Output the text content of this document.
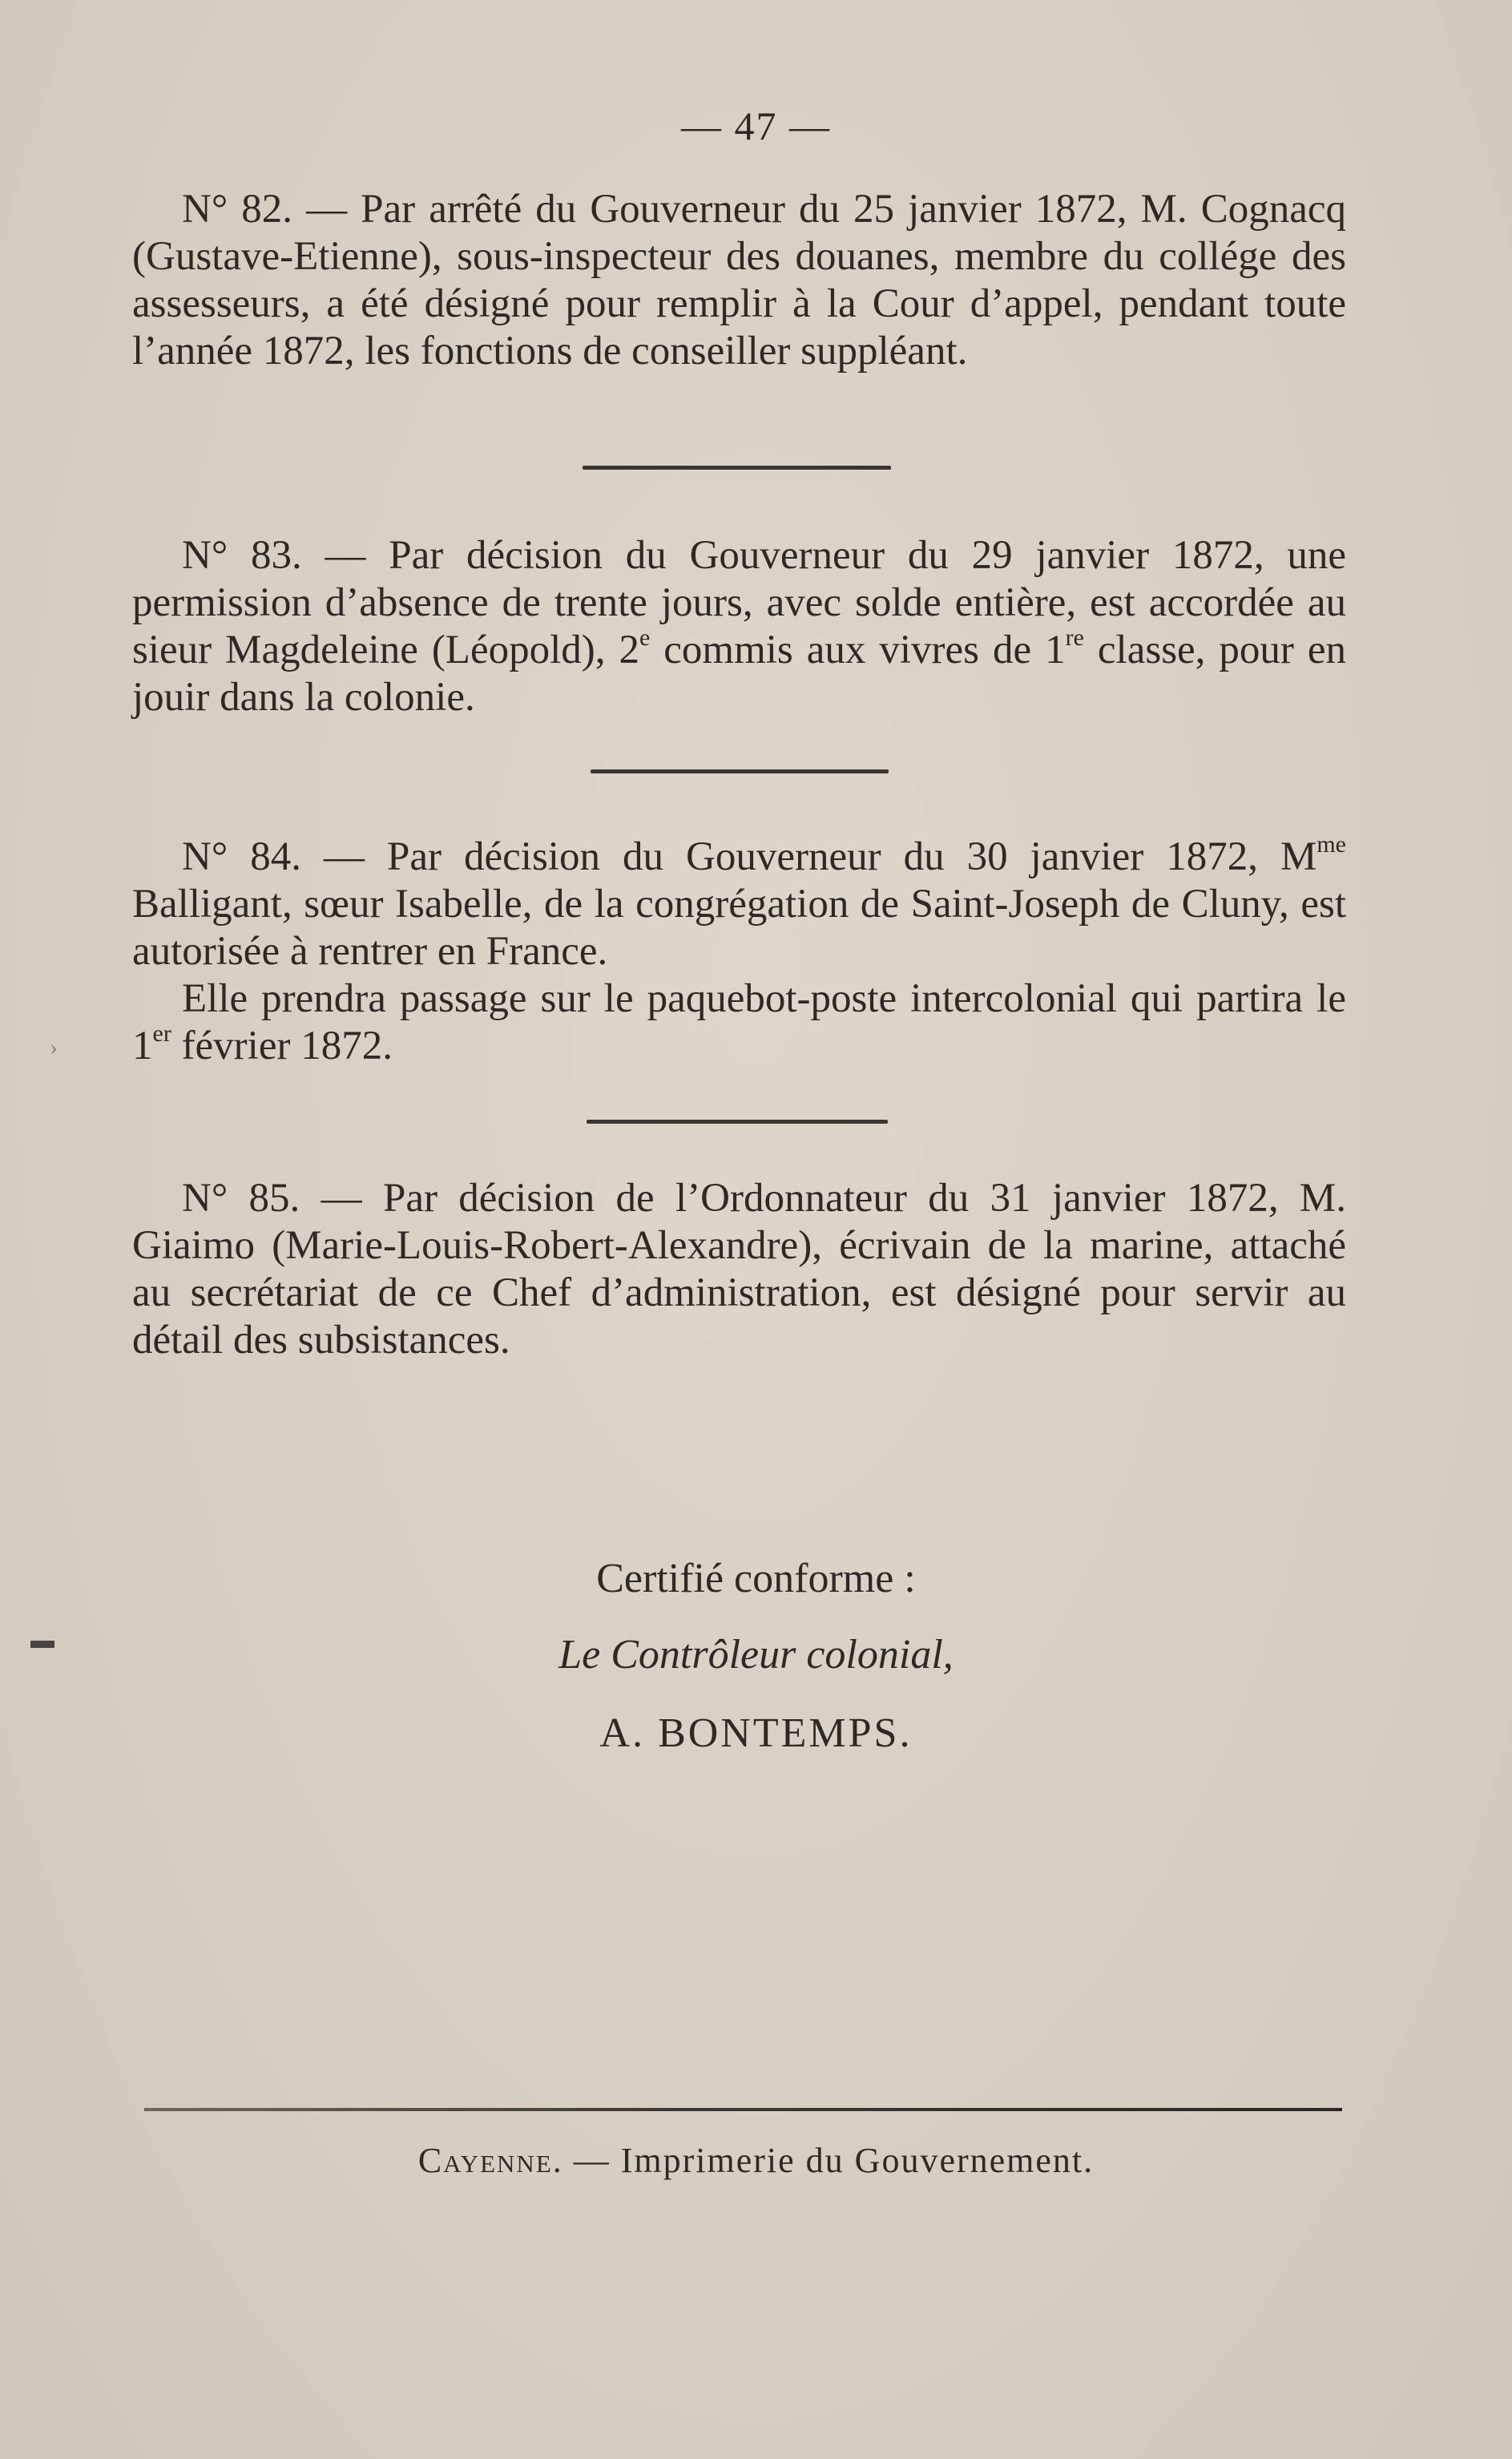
— 47 —

N° 82. — Par arrêté du Gouverneur du 25 janvier 1872, M. Cognacq (Gustave-Etienne), sous-inspecteur des douanes, membre du collége des assesseurs, a été désigné pour remplir à la Cour d’appel, pendant toute l’année 1872, les fonctions de conseiller suppléant.

N° 83. — Par décision du Gouverneur du 29 janvier 1872, une permission d’absence de trente jours, avec solde entière, est accordée au sieur Magdeleine (Léopold), 2e commis aux vivres de 1re classe, pour en jouir dans la colonie.

N° 84. — Par décision du Gouverneur du 30 janvier 1872, $M^{me}$ Balligant, sœur Isabelle, de la congrégation de Saint-Joseph de Cluny, est autorisée à rentrer en France.

Elle prendra passage sur le paquebot-poste intercolonial qui partira le 1er février 1872.

N° 85. — Par décision de l’Ordonnateur du 31 janvier 1872, M. Giaimo (Marie-Louis-Robert-Alexandre), écrivain de la marine, attaché au secrétariat de ce Chef d’administration, est désigné pour servir au détail des subsistances.

Certifié conforme :
Le Contrôleur colonial,
A. BONTEMPS.
Cayenne. — Imprimerie du Gouvernement.
›
▬
